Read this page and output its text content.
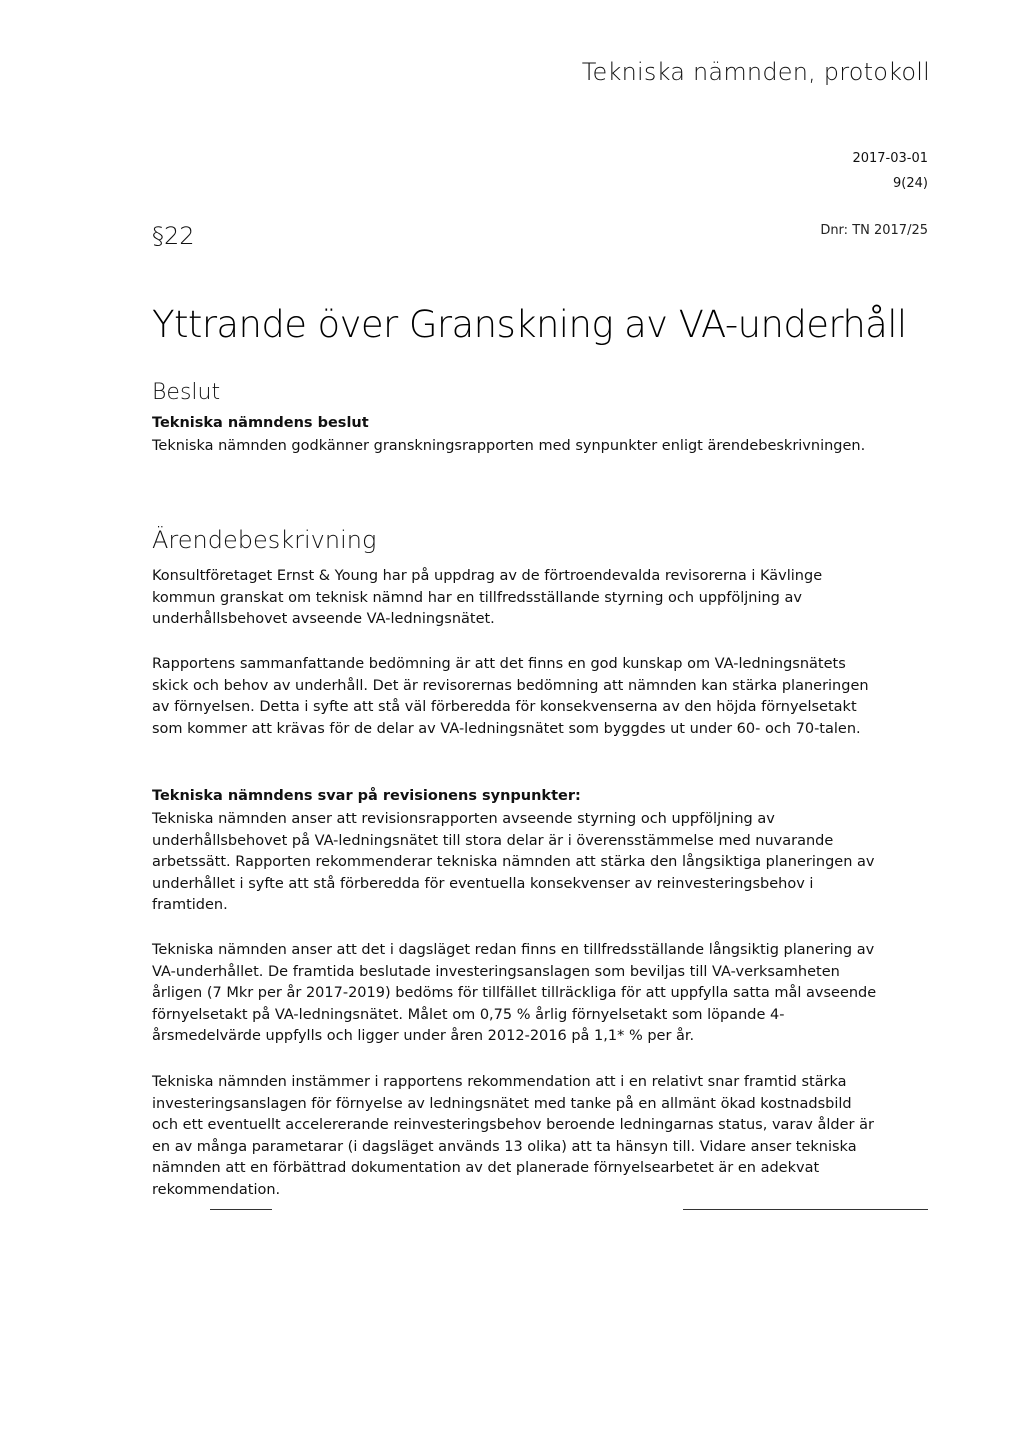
Tekniska nämnden, protokoll
2017-03-01
9(24)
§22	Dnr: TN 2017/25
Yttrande över Granskning av VA-underhåll
Beslut
Tekniska nämndens beslut
Tekniska nämnden godkänner granskningsrapporten med synpunkter enligt ärendebeskrivningen.
Ärendebeskrivning
Konsultföretaget Ernst & Young har på uppdrag av de förtroendevalda revisorerna i Kävlinge kommun granskat om teknisk nämnd har en tillfredsställande styrning och uppföljning av underhållsbehovet avseende VA-ledningsnätet.
Rapportens sammanfattande bedömning är att det finns en god kunskap om VA-ledningsnätets skick och behov av underhåll. Det är revisorernas bedömning att nämnden kan stärka planeringen av förnyelsen. Detta i syfte att stå väl förberedda för konsekvenserna av den höjda förnyelsetakt som kommer att krävas för de delar av VA-ledningsnätet som byggdes ut under 60- och 70-talen.
Tekniska nämndens svar på revisionens synpunkter:
Tekniska nämnden anser att revisionsrapporten avseende styrning och uppföljning av underhållsbehovet på VA-ledningsnätet till stora delar är i överensstämmelse med nuvarande arbetssätt. Rapporten rekommenderar tekniska nämnden att stärka den långsiktiga planeringen av underhållet i syfte att stå förberedda för eventuella konsekvenser av reinvesteringsbehov i framtiden.
Tekniska nämnden anser att det i dagsläget redan finns en tillfredsställande långsiktig planering av VA-underhållet. De framtida beslutade investeringsanslagen som beviljas till VA-verksamheten årligen (7 Mkr per år 2017-2019) bedöms för tillfället tillräckliga för att uppfylla satta mål avseende förnyelsetakt på VA-ledningsnätet. Målet om 0,75 % årlig förnyelsetakt som löpande 4-årsmedelvärde uppfylls och ligger under åren 2012-2016 på 1,1* % per år.
Tekniska nämnden instämmer i rapportens rekommendation att i en relativt snar framtid stärka investeringsanslagen för förnyelse av ledningsnätet med tanke på en allmänt ökad kostnadsbild och ett eventuellt accelererande reinvesteringsbehov beroende ledningarnas status, varav ålder är en av många parametarar (i dagsläget används 13 olika) att ta hänsyn till. Vidare anser tekniska nämnden att en förbättrad dokumentation av det planerade förnyelsearbetet är en adekvat rekommendation.
